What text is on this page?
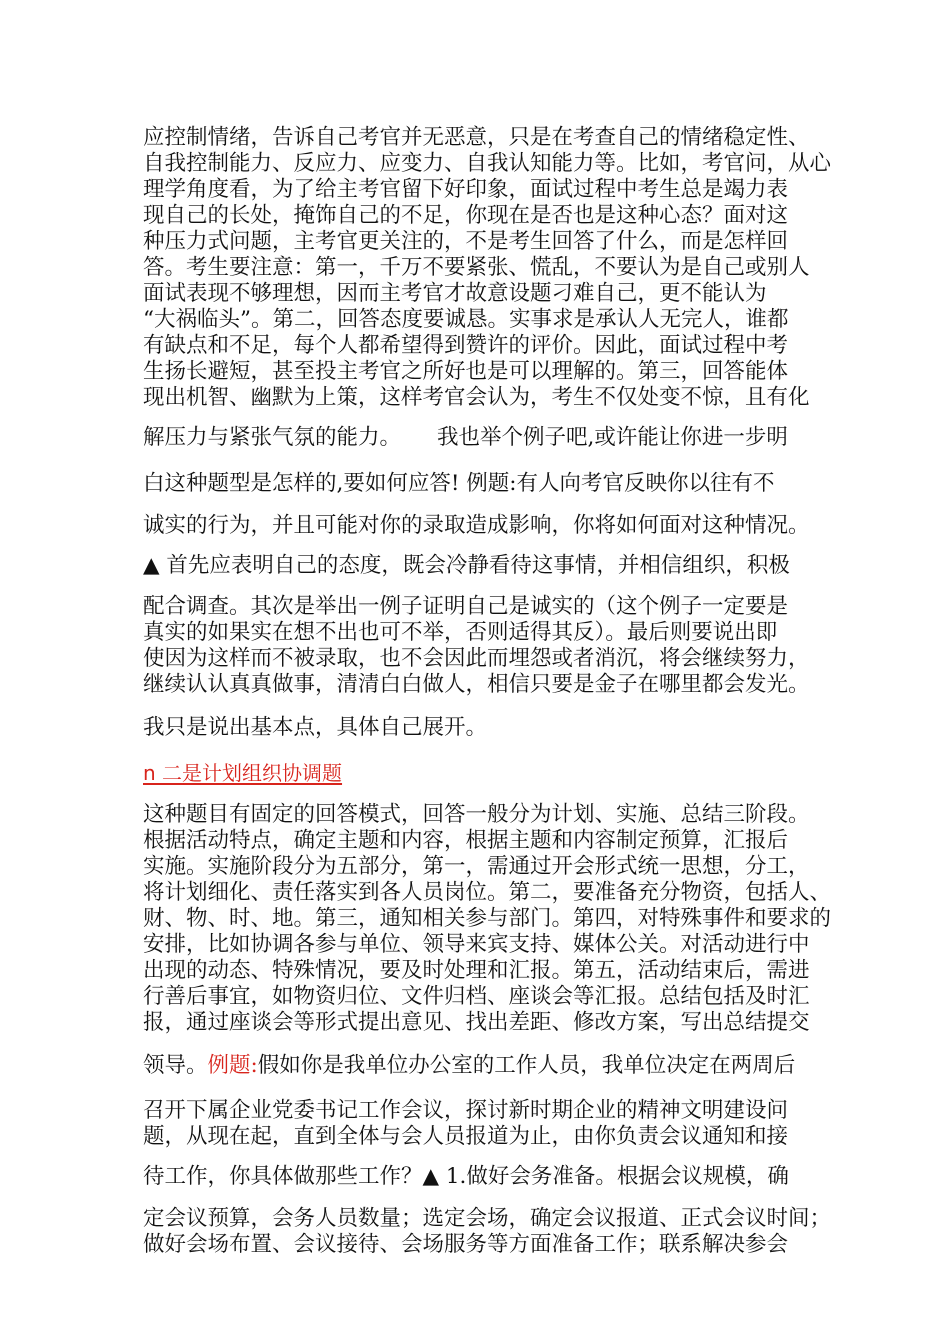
应控制情绪，告诉自己考官并无恶意，只是在考查自己的情绪稳定性、
自我控制能力、反应力、应变力、自我认知能力等。比如，考官问，从心
理学角度看，为了给主考官留下好印象，面试过程中考生总是竭力表
现自己的长处，掩饰自己的不足，你现在是否也是这种心态？面对这
种压力式问题，主考官更关注的，不是考生回答了什么，而是怎样回
答。考生要注意：第一，千万不要紧张、慌乱，不要认为是自己或别人
面试表现不够理想，因而主考官才故意设题刁难自己，更不能认为
“大祸临头”。第二，回答态度要诚恳。实事求是承认人无完人，谁都
有缺点和不足，每个人都希望得到赞许的评价。因此，面试过程中考
生扬长避短，甚至投主考官之所好也是可以理解的。第三，回答能体
现出机智、幽默为上策，这样考官会认为，考生不仅处变不惊，且有化
解压力与紧张气氛的能力。 我也举个例子吧,或许能让你进一步明
白这种题型是怎样的,要如何应答! 例题:有人向考官反映你以往有不
诚实的行为，并且可能对你的录取造成影响，你将如何面对这种情况。
▲ 首先应表明自己的态度，既会冷静看待这事情，并相信组织，积极
配合调查。其次是举出一例子证明自己是诚实的（这个例子一定要是
真实的如果实在想不出也可不举，否则适得其反）。最后则要说出即
使因为这样而不被录取，也不会因此而埋怨或者消沉，将会继续努力，
继续认认真真做事，清清白白做人，相信只要是金子在哪里都会发光。
我只是说出基本点，具体自己展开。
n 二是计划组织协调题
这种题目有固定的回答模式，回答一般分为计划、实施、总结三阶段。
根据活动特点，确定主题和内容，根据主题和内容制定预算，汇报后
实施。实施阶段分为五部分，第一，需通过开会形式统一思想，分工，
将计划细化、责任落实到各人员岗位。第二，要准备充分物资，包括人、
财、物、时、地。第三，通知相关参与部门。第四，对特殊事件和要求的
安排，比如协调各参与单位、领导来宾支持、媒体公关。对活动进行中
出现的动态、特殊情况，要及时处理和汇报。第五，活动结束后，需进
行善后事宜，如物资归位、文件归档、座谈会等汇报。总结包括及时汇
报，通过座谈会等形式提出意见、找出差距、修改方案，写出总结提交
领导。例题:假如你是我单位办公室的工作人员，我单位决定在两周后
召开下属企业党委书记工作会议，探讨新时期企业的精神文明建设问
题，从现在起，直到全体与会人员报道为止，由你负责会议通知和接
待工作，你具体做那些工作？▲ 1.做好会务准备。根据会议规模，确
定会议预算，会务人员数量；选定会场，确定会议报道、正式会议时间；
做好会场布置、会议接待、会场服务等方面准备工作；联系解决参会
